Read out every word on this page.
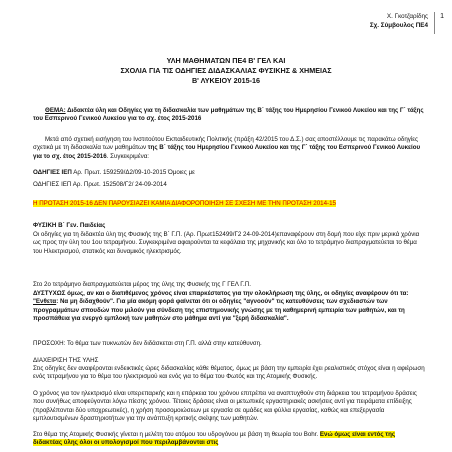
Χ. Γκοτζαρίδης
Σχ. Σύμβουλος ΠΕ4
1
ΥΛΗ ΜΑΘΗΜΑΤΩΝ ΠΕ4 Β' ΓΕΛ ΚΑΙ
ΣΧΟΛΙΑ ΓΙΑ ΤΙΣ ΟΔΗΓΙΕΣ ΔΙΔΑΣΚΑΛΙΑΣ ΦΥΣΙΚΗΣ & ΧΗΜΕΙΑΣ
Β' ΛΥΚΕΙΟΥ 2015-16
ΘΕΜΑ: Διδακτέα ύλη και Οδηγίες για τη διδασκαλία των μαθημάτων της Β΄ τάξης του Ημερησίου Γενικού Λυκείου και της Γ΄ τάξης του Εσπερινού Γενικού Λυκείου για το σχ. έτος 2015-2016
Μετά από σχετική εισήγηση του Ινστιτούτου Εκπαιδευτικής Πολιτικής (πράξη 42/2015 του Δ.Σ.) σας αποστέλλουμε τις παρακάτω οδηγίες σχετικά με τη διδασκαλία των μαθημάτων της Β΄ τάξης του Ημερησίου Γενικού Λυκείου και της Γ΄ τάξης του Εσπερινού Γενικού Λυκείου για το σχ. έτος 2015-2016. Συγκεκριμένα:
ΟΔΗΓΙΕΣ ΙΕΠ Αρ. Πρωτ. 159259/Δ2/09-10-2015 Όμοιες με
ΟΔΗΓΙΕΣ ΙΕΠ Αρ. Πρωτ. 152508/Γ2/ 24-09-2014
Η ΠΡΟΤΑΣΗ 2015-16 ΔΕΝ ΠΑΡΟΥΣΙΑΖΕΙ ΚΑΜΙΑ ΔΙΑΦΟΡΟΠΟΙΗΣΗ ΣΕ ΣΧΕΣΗ ΜΕ ΤΗΝ ΠΡΟΤΑΣΗ 2014-15
ΦΥΣΙΚΗ Β΄ Γεν. Παιδείας
Οι οδηγίες για τη διδακτέα ύλη της Φυσικής της Β΄ Γ.Π. (Αρ. Πρωτ152499/Γ2 24-09-2014)επαναφέρουν στη δομή που είχε πριν μερικά χρόνια ως προς την ύλη του 1ου τετραμήνου. Συγκεκριμένα αφαιρούνται τα κεφάλαια της μηχανικής και όλο το τετράμηνο διαπραγματεύεται το θέμα του Ηλεκτρισμού, στατικός και δυναμικός ηλεκτρισμός.
Στο 2ο τετράμηνο διαπραγματεύεται μέρος της ύλης της Φυσικής της Γ ΓΕΛ Γ.Π.
ΔΥΣΤΥΧΩΣ όμως, αν και ο διατιθέμενος χρόνος είναι επαρκέστατος για την ολοκλήρωση της ύλης, οι οδηγίες αναφέρουν ότι τα: "Ενθετα: Να μη διδαχθούν". Για μία ακόμη φορά φαίνεται ότι οι οδηγίες "αγνοούν" τις κατευθύνσεις των σχεδιαστών των προγραμμάτων σπουδών που μιλούν για σύνδεση της επιστημονικής γνώσης με τη καθημερινή εμπειρία των μαθητών, και τη προσπάθεια για ενεργό εμπλοκή των μαθητών στο μάθημα αντί για "ξερή διδασκαλία".
ΠΡΟΣΟΧΗ: Το θέμα των πυκνωτών δεν διδάσκεται στη Γ.Π. αλλά στην κατεύθυνση.
ΔΙΑΧΕΙΡΙΣΗ ΤΗΣ ΥΛΗΣ
Στις οδηγίες δεν αναφέρονται ενδεικτικές ώρες διδασκαλίας κάθε θέματος, όμως με βάση την εμπειρία έχει ρεαλιστικός στόχος είναι η αφιέρωση ενός τετραμήνου για το θέμα του ηλεκτρισμού και ενός για το θέμα του Φωτός και της Ατομικής Φυσικής.
Ο χρόνος για τον ηλεκτρισμό είναι υπερεπαρκής και η επάρκεια του χρόνου επιτρέπει να αναπτυχθούν στη διάρκεια του τετραμήνου δράσεις που συνήθως αποφεύγονται λόγω πίεσης χρόνου. Τέτοιες δράσεις είναι οι μετωπικές εργαστηριακές ασκήσεις αντί για πειράματα επίδειξης (προβλέπονται δύο υποχρεωτικές), η χρήση προσομοιώσεων με εργασία σε ομάδες και φύλλα εργασίας, καθώς και επεξεργασία εμπλουτισμένων δραστηριοτήτων για την ανάπτυξη κριτικής σκέψης των μαθητών.
Στο θέμα της Ατομικής Φυσικής γίνεται η μελέτη του ατόμου του υδρογόνου με βάση τη θεωρία του Bohr. Ενώ όμως είναι εντός της διδακτέας ύλης όλοι οι υπολογισμοί που περιλαμβάνονται στις
